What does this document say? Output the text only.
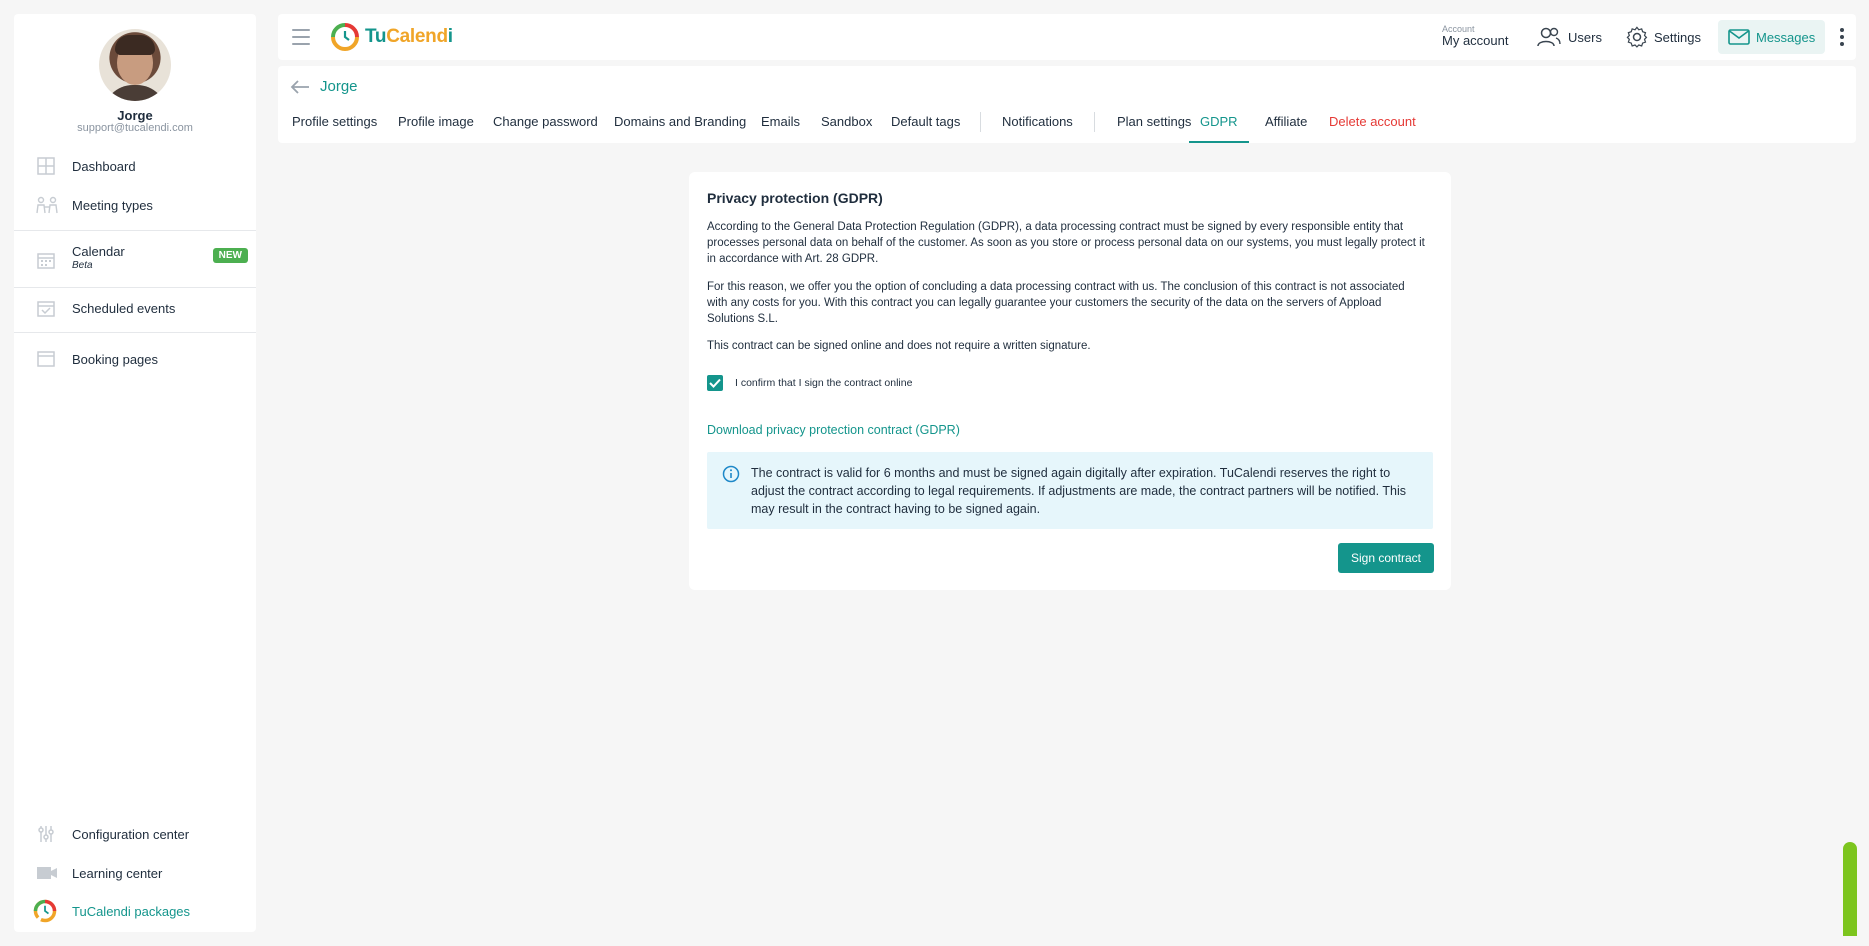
Jorge
support@tucalendi.com
Dashboard
Meeting types
Calendar
Beta
NEW
Scheduled events
Booking pages
Configuration center
Learning center
TuCalendi packages
TuCalendi	Account
My account	Users	Settings	Messages
Jorge
Profile settings Profile image Change password Domains and Branding Emails Sandbox Default tags	Notifications	Plan settings GDPR	Affiliate Delete account
Privacy protection (GDPR)
According to the General Data Protection Regulation (GDPR), a data processing contract must be signed by every responsible entity that processes personal data on behalf of the customer. As soon as you store or process personal data on our systems, you must legally protect it in accordance with Art. 28 GDPR.
For this reason, we offer you the option of concluding a data processing contract with us. The conclusion of this contract is not associated with any costs for you. With this contract you can legally guarantee your customers the security of the data on the servers of Appload Solutions S.L.
This contract can be signed online and does not require a written signature.
I confirm that I sign the contract online
Download privacy protection contract (GDPR)
The contract is valid for 6 months and must be signed again digitally after expiration. TuCalendi reserves the right to adjust the contract according to legal requirements. If adjustments are made, the contract partners will be notified. This may result in the contract having to be signed again.
Sign contract
